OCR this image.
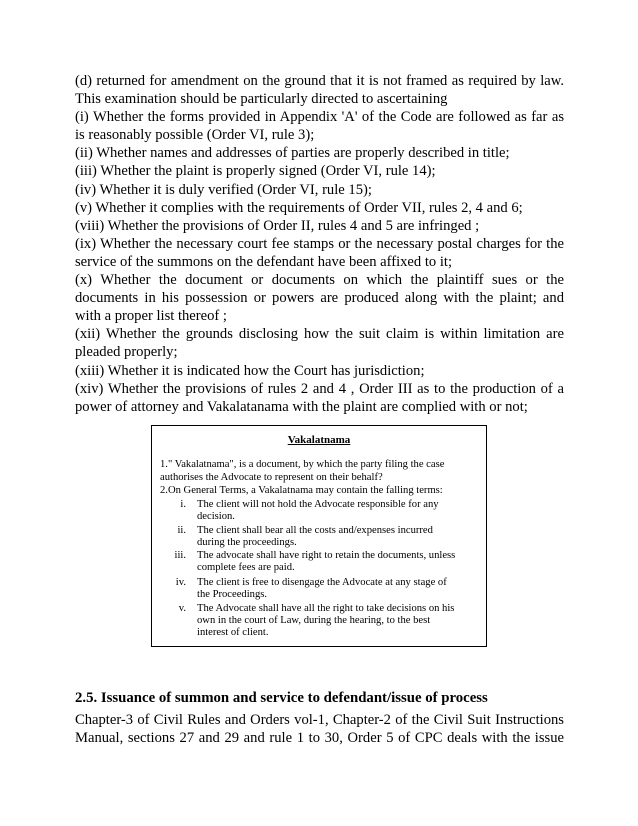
(d) returned for amendment on the ground that it is not framed as required by law.
This examination should be particularly directed to ascertaining
(i) Whether the forms provided in Appendix 'A' of the Code are followed as far as
is reasonably possible (Order VI, rule 3);
(ii) Whether names and addresses of parties are properly described in title;
(iii) Whether the plaint is properly signed (Order VI, rule 14);
(iv) Whether it is duly verified (Order VI, rule 15);
(v) Whether it complies with the requirements of Order VII, rules 2, 4 and 6;
(viii) Whether the provisions of Order II, rules 4 and 5 are infringed ;
(ix) Whether the necessary court fee stamps or the necessary postal charges for the
service of the summons on the defendant have been affixed to it;
(x) Whether the document or documents on which the plaintiff sues or the
documents in his possession or powers are produced along with the plaint; and
with a proper list thereof ;
(xii) Whether the grounds disclosing how the suit claim is within limitation are
pleaded properly;
(xiii) Whether it is indicated how the Court has jurisdiction;
(xiv) Whether the provisions of rules 2 and 4 , Order III as to the production of a
power of attorney and Vakalatanama with the plaint are complied with or not;
Vakalatnama
1." Vakalatnama", is a document, by which the party filing the case
authorises the Advocate to represent on their behalf?
2.On General Terms, a Vakalatnama may contain the falling terms:
i. The client will not hold the Advocate responsible for any
decision.
ii. The client shall bear all the costs and/expenses incurred
during the proceedings.
iii. The advocate shall have right to retain the documents, unless
complete fees are paid.
iv. The client is free to disengage the Advocate at any stage of
the Proceedings.
v. The Advocate shall have all the right to take decisions on his
own in the court of Law, during the hearing, to the best
interest of client.
2.5. Issuance of summon and service to defendant/issue of process
Chapter-3 of Civil Rules and Orders vol-1, Chapter-2 of the Civil Suit Instructions
Manual, sections 27 and 29 and rule 1 to 30, Order 5 of CPC deals with the issue
